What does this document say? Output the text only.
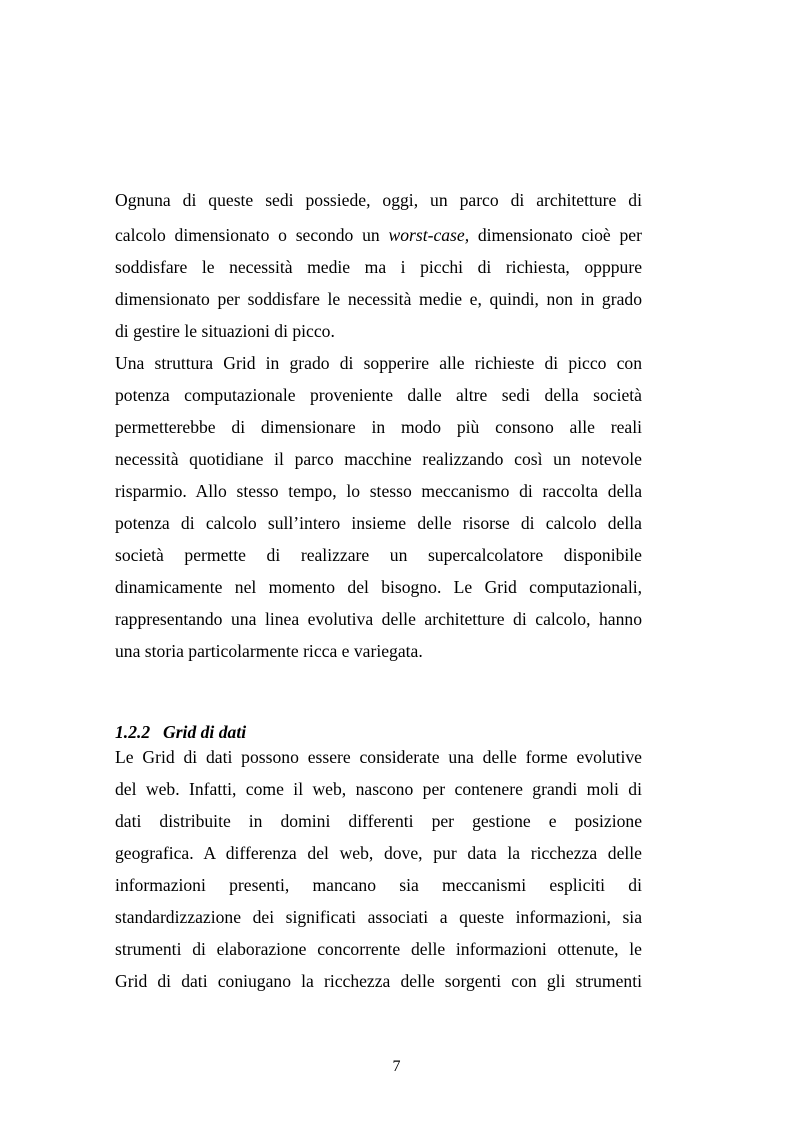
Ognuna di queste sedi possiede, oggi, un parco di architetture di
calcolo dimensionato o secondo un worst-case, dimensionato cioè per
soddisfare le necessità medie ma i picchi di richiesta, opppure
dimensionato per soddisfare le necessità medie e, quindi, non in grado
di gestire le situazioni di picco.
Una struttura Grid in grado di sopperire alle richieste di picco con
potenza computazionale proveniente dalle altre sedi della società
permetterebbe di dimensionare in modo più consono alle reali
necessità quotidiane il parco macchine realizzando così un notevole
risparmio. Allo stesso tempo, lo stesso meccanismo di raccolta della
potenza di calcolo sull’intero insieme delle risorse di calcolo della
società permette di realizzare un supercalcolatore disponibile
dinamicamente nel momento del bisogno. Le Grid computazionali,
rappresentando una linea evolutiva delle architetture di calcolo, hanno
una storia particolarmente ricca e variegata.
1.2.2 Grid di dati
Le Grid di dati possono essere considerate una delle forme evolutive
del web. Infatti, come il web, nascono per contenere grandi moli di
dati distribuite in domini differenti per gestione e posizione
geografica. A differenza del web, dove, pur data la ricchezza delle
informazioni presenti, mancano sia meccanismi espliciti di
standardizzazione dei significati associati a queste informazioni, sia
strumenti di elaborazione concorrente delle informazioni ottenute, le
Grid di dati coniugano la ricchezza delle sorgenti con gli strumenti
7
